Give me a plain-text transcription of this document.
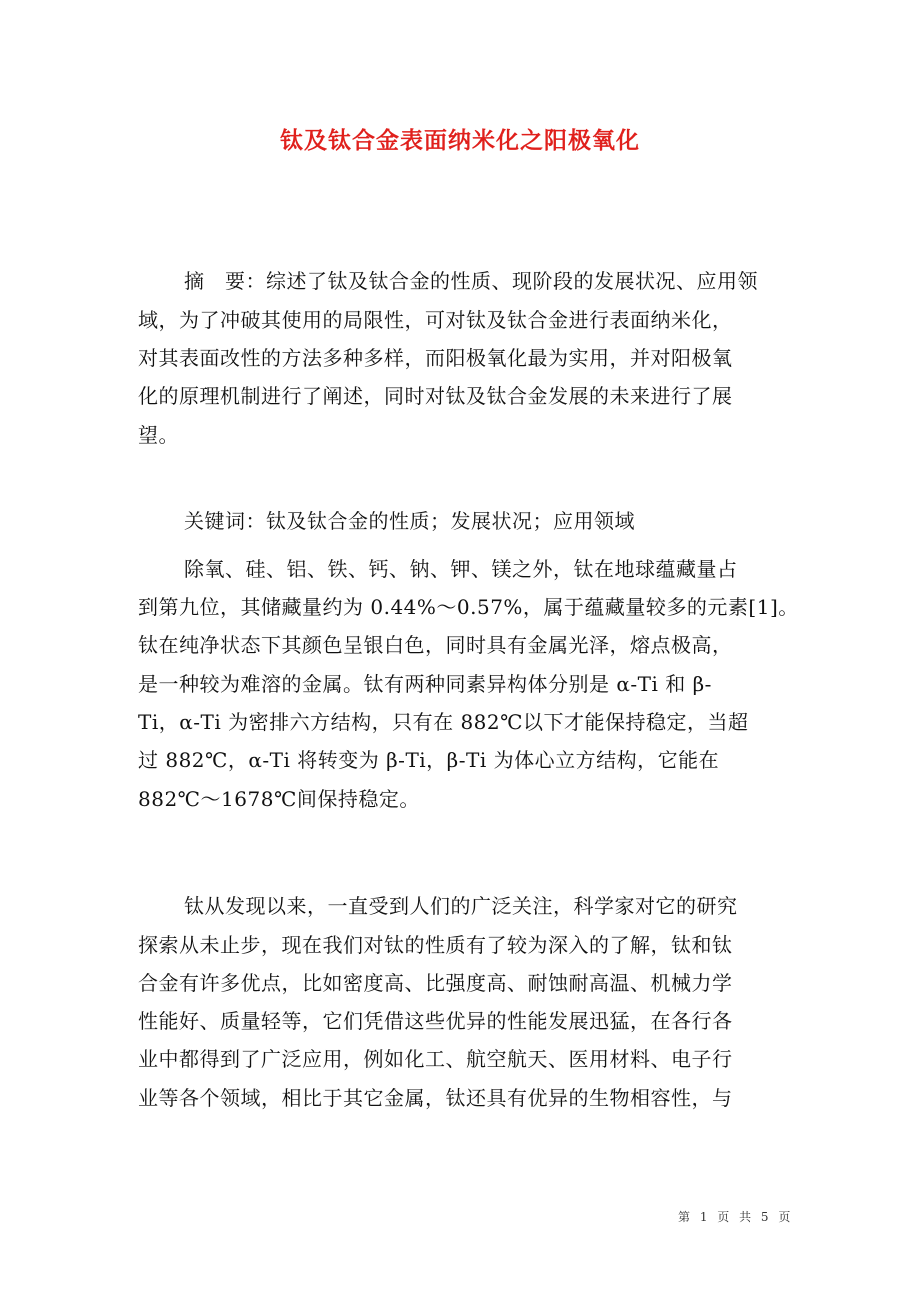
钛及钛合金表面纳米化之阳极氧化
摘　要：综述了钛及钛合金的性质、现阶段的发展状况、应用领
域，为了冲破其使用的局限性，可对钛及钛合金进行表面纳米化，
对其表面改性的方法多种多样，而阳极氧化最为实用，并对阳极氧
化的原理机制进行了阐述，同时对钛及钛合金发展的未来进行了展
望。
关键词：钛及钛合金的性质；发展状况；应用领域
除氧、硅、铝、铁、钙、钠、钾、镁之外，钛在地球蕴藏量占
到第九位，其储藏量约为 0.44%～0.57%，属于蕴藏量较多的元素[1]。
钛在纯净状态下其颜色呈银白色，同时具有金属光泽，熔点极高，
是一种较为难溶的金属。钛有两种同素异构体分别是 α-Ti 和 β-
Ti，α-Ti 为密排六方结构，只有在 882℃以下才能保持稳定，当超
过 882℃，α-Ti 将转变为 β-Ti，β-Ti 为体心立方结构，它能在
882℃～1678℃间保持稳定。
钛从发现以来，一直受到人们的广泛关注，科学家对它的研究
探索从未止步，现在我们对钛的性质有了较为深入的了解，钛和钛
合金有许多优点，比如密度高、比强度高、耐蚀耐高温、机械力学
性能好、质量轻等，它们凭借这些优异的性能发展迅猛，在各行各
业中都得到了广泛应用，例如化工、航空航天、医用材料、电子行
业等各个领域，相比于其它金属，钛还具有优异的生物相容性，与
第 1 页 共 5 页
